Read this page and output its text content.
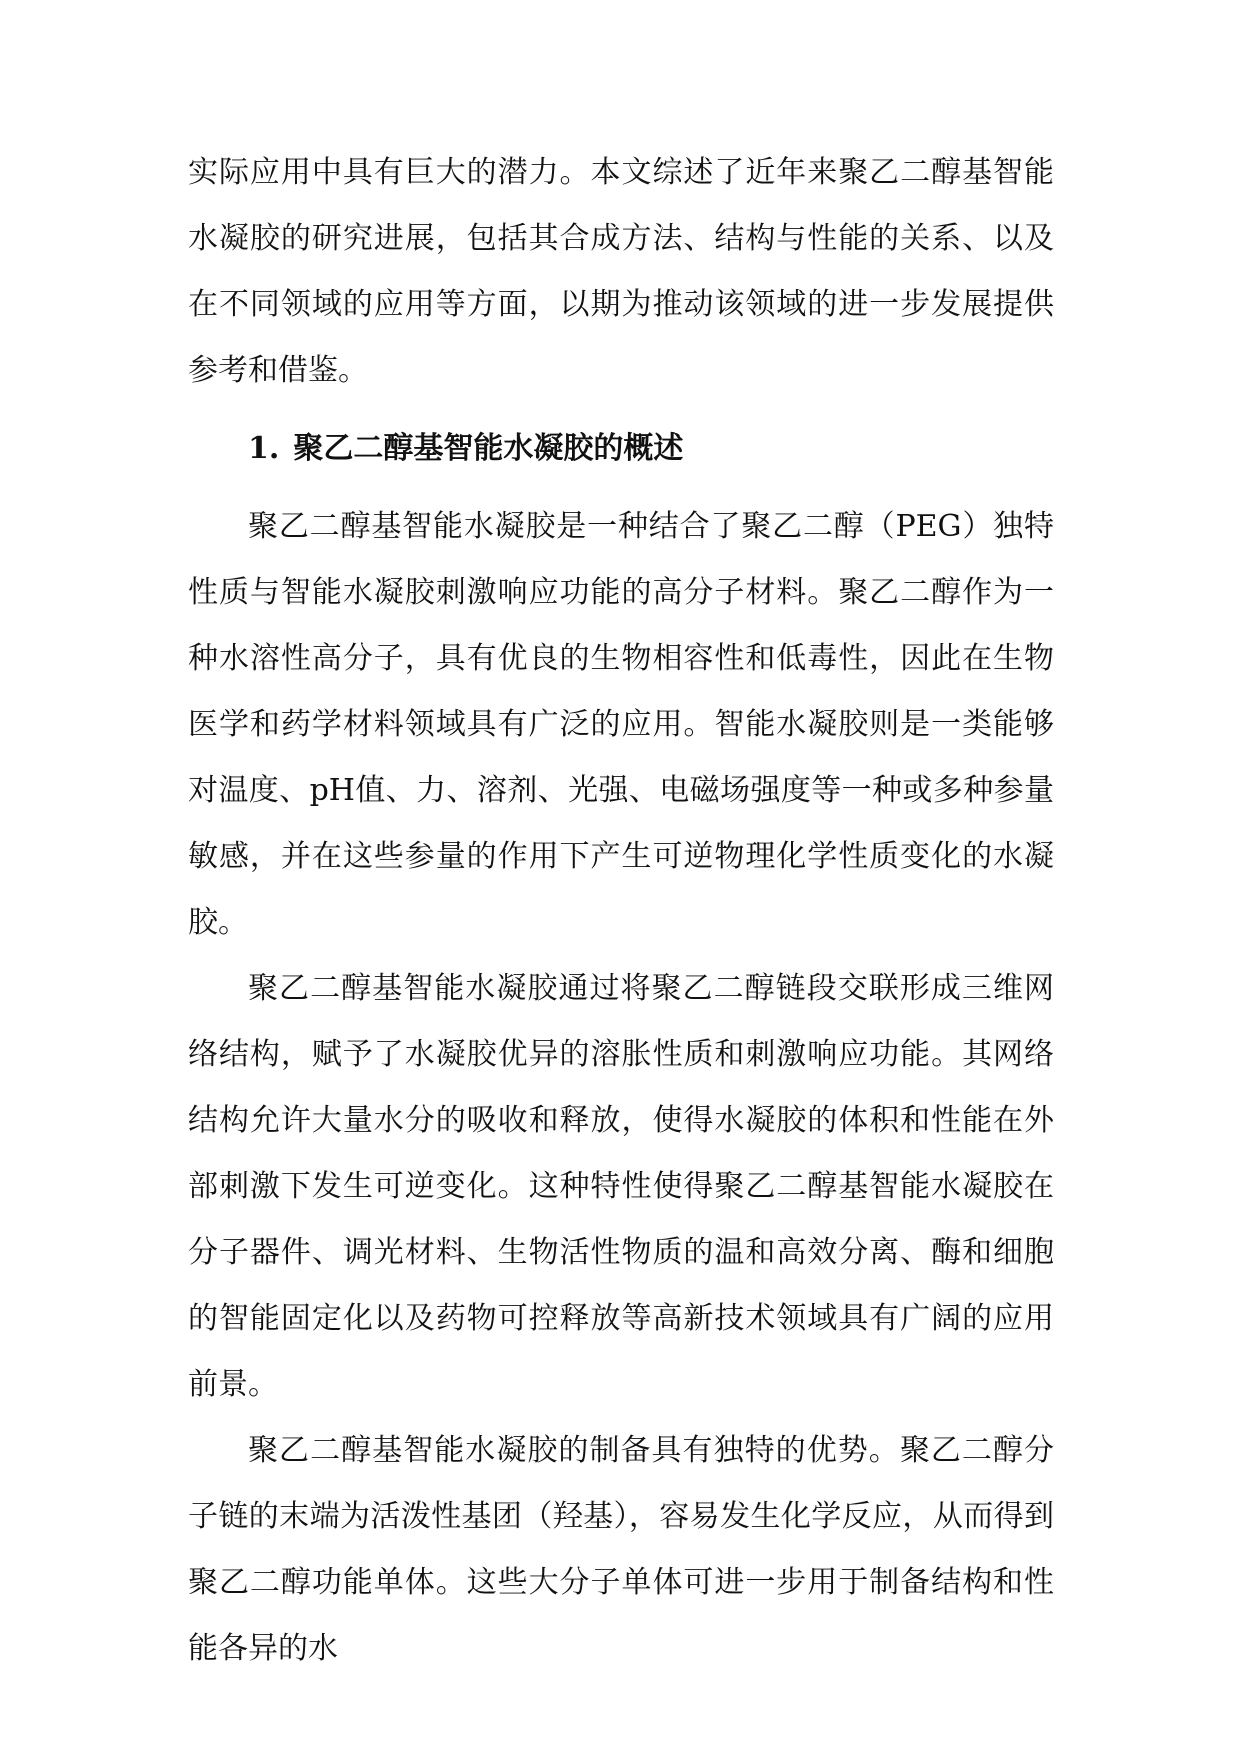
实际应用中具有巨大的潜力。本文综述了近年来聚乙二醇基智能水凝胶的研究进展，包括其合成方法、结构与性能的关系、以及在不同领域的应用等方面，以期为推动该领域的进一步发展提供参考和借鉴。

1. 聚乙二醇基智能水凝胶的概述

聚乙二醇基智能水凝胶是一种结合了聚乙二醇（PEG）独特性质与智能水凝胶刺激响应功能的高分子材料。聚乙二醇作为一种水溶性高分子，具有优良的生物相容性和低毒性，因此在生物医学和药学材料领域具有广泛的应用。智能水凝胶则是一类能够对温度、pH值、力、溶剂、光强、电磁场强度等一种或多种参量敏感，并在这些参量的作用下产生可逆物理化学性质变化的水凝胶。

聚乙二醇基智能水凝胶通过将聚乙二醇链段交联形成三维网络结构，赋予了水凝胶优异的溶胀性质和刺激响应功能。其网络结构允许大量水分的吸收和释放，使得水凝胶的体积和性能在外部刺激下发生可逆变化。这种特性使得聚乙二醇基智能水凝胶在分子器件、调光材料、生物活性物质的温和高效分离、酶和细胞的智能固定化以及药物可控释放等高新技术领域具有广阔的应用前景。

聚乙二醇基智能水凝胶的制备具有独特的优势。聚乙二醇分子链的末端为活泼性基团（羟基），容易发生化学反应，从而得到聚乙二醇功能单体。这些大分子单体可进一步用于制备结构和性能各异的水
